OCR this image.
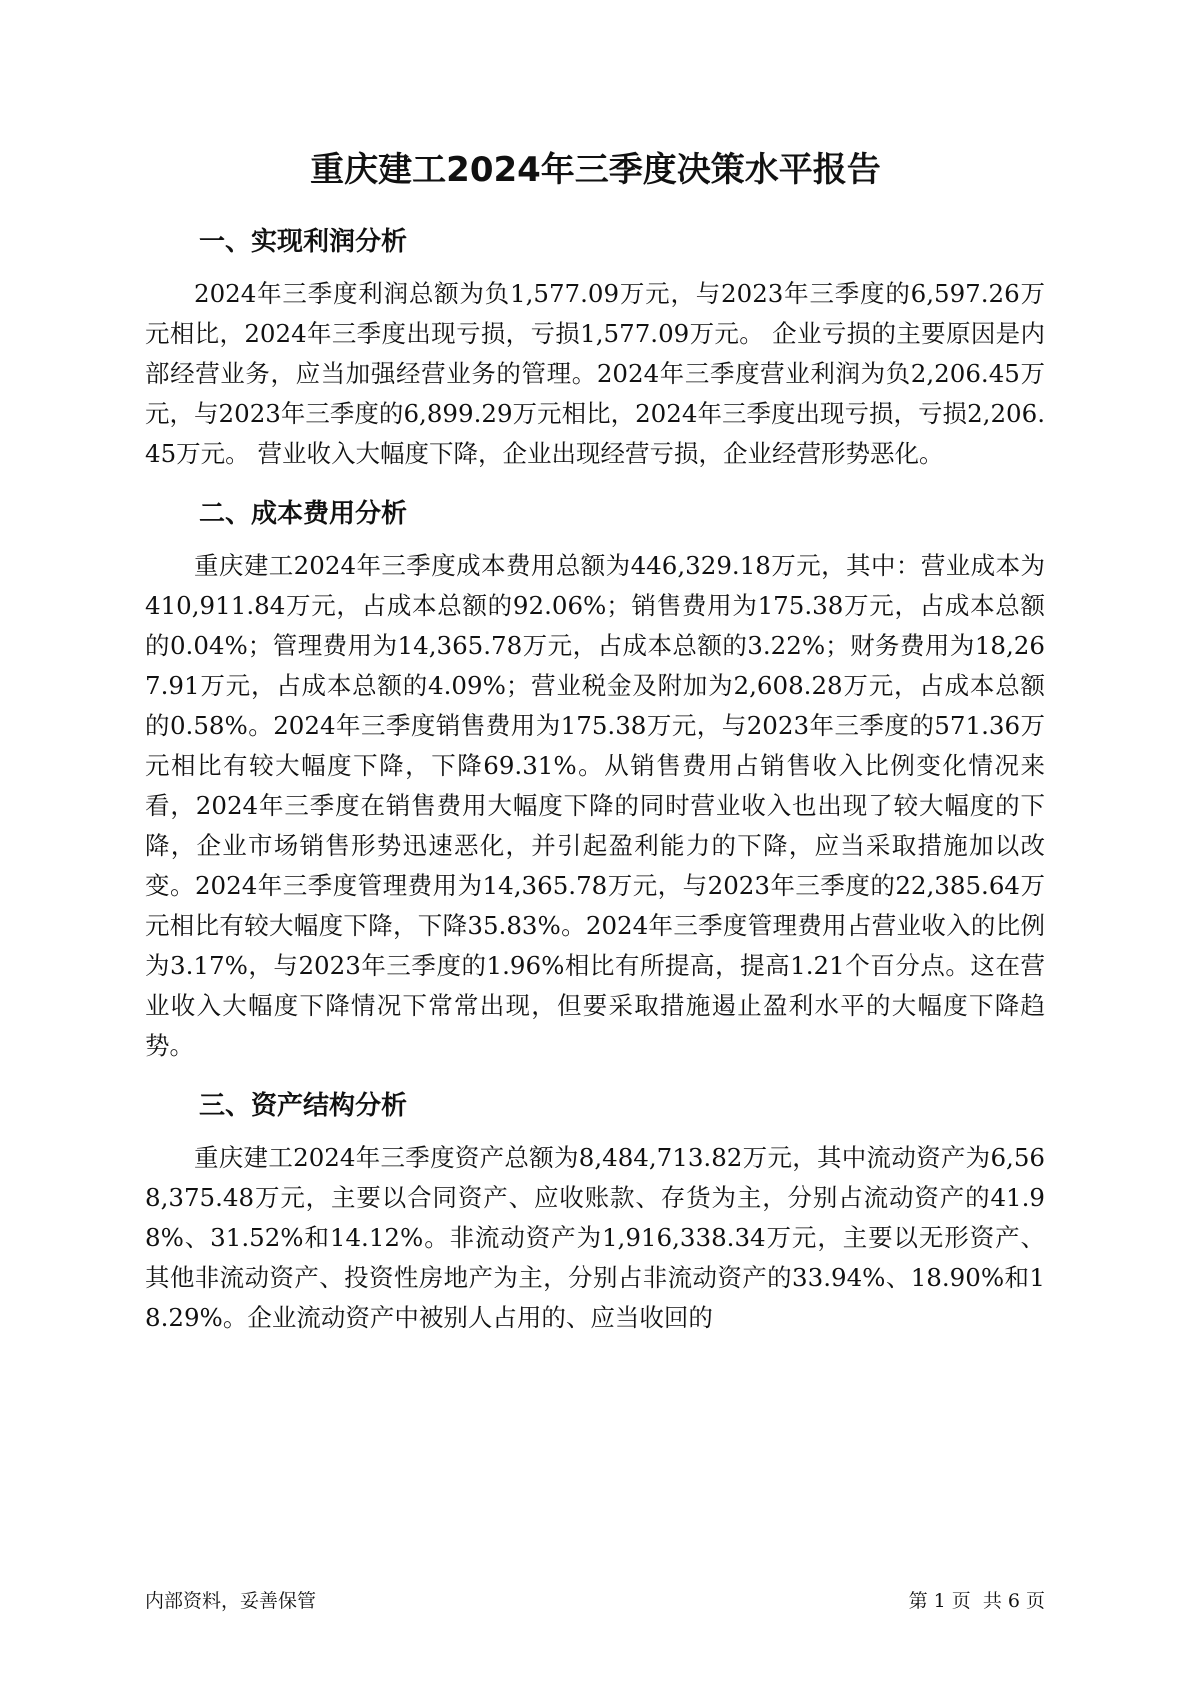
重庆建工2024年三季度决策水平报告
一、实现利润分析

2024年三季度利润总额为负1,577.09万元，与2023年三季度的6,597.26万元相比，2024年三季度出现亏损，亏损1,577.09万元。 企业亏损的主要原因是内部经营业务，应当加强经营业务的管理。2024年三季度营业利润为负2,206.45万元，与2023年三季度的6,899.29万元相比，2024年三季度出现亏损，亏损2,206.45万元。 营业收入大幅度下降，企业出现经营亏损，企业经营形势恶化。

二、成本费用分析

重庆建工2024年三季度成本费用总额为446,329.18万元，其中：营业成本为410,911.84万元，占成本总额的92.06%；销售费用为175.38万元，占成本总额的0.04%；管理费用为14,365.78万元，占成本总额的3.22%；财务费用为18,267.91万元，占成本总额的4.09%；营业税金及附加为2,608.28万元，占成本总额的0.58%。2024年三季度销售费用为175.38万元，与2023年三季度的571.36万元相比有较大幅度下降，下降69.31%。从销售费用占销售收入比例变化情况来看，2024年三季度在销售费用大幅度下降的同时营业收入也出现了较大幅度的下降，企业市场销售形势迅速恶化，并引起盈利能力的下降，应当采取措施加以改变。2024年三季度管理费用为14,365.78万元，与2023年三季度的22,385.64万元相比有较大幅度下降，下降35.83%。2024年三季度管理费用占营业收入的比例为3.17%，与2023年三季度的1.96%相比有所提高，提高1.21个百分点。这在营业收入大幅度下降情况下常常出现，但要采取措施遏止盈利水平的大幅度下降趋势。

三、资产结构分析

重庆建工2024年三季度资产总额为8,484,713.82万元，其中流动资产为6,568,375.48万元，主要以合同资产、应收账款、存货为主，分别占流动资产的41.98%、31.52%和14.12%。非流动资产为1,916,338.34万元，主要以无形资产、其他非流动资产、投资性房地产为主，分别占非流动资产的33.94%、18.90%和18.29%。企业流动资产中被别人占用的、应当收回的

内部资料，妥善保管	第 1 页  共 6 页
